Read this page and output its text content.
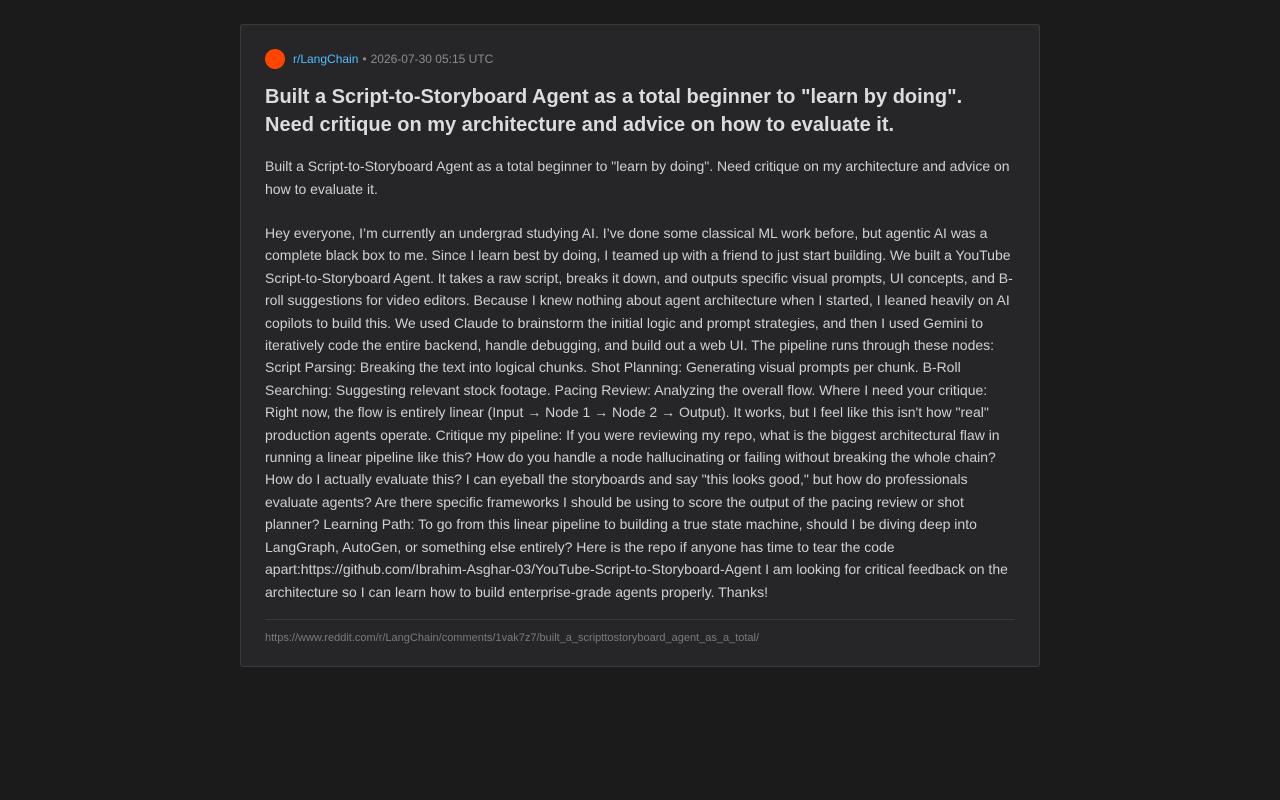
r/LangChain • 2026-07-30 05:15 UTC
Built a Script-to-Storyboard Agent as a total beginner to "learn by doing". Need critique on my architecture and advice on how to evaluate it.

Built a Script-to-Storyboard Agent as a total beginner to "learn by doing". Need critique on my architecture and advice on how to evaluate it.

Hey everyone, I’m currently an undergrad studying AI. I’ve done some classical ML work before, but agentic AI was a complete black box to me. Since I learn best by doing, I teamed up with a friend to just start building. We built a YouTube Script-to-Storyboard Agent. It takes a raw script, breaks it down, and outputs specific visual prompts, UI concepts, and B-roll suggestions for video editors. Because I knew nothing about agent architecture when I started, I leaned heavily on AI copilots to build this. We used Claude to brainstorm the initial logic and prompt strategies, and then I used Gemini to iteratively code the entire backend, handle debugging, and build out a web UI. The pipeline runs through these nodes: Script Parsing: Breaking the text into logical chunks. Shot Planning: Generating visual prompts per chunk. B-Roll Searching: Suggesting relevant stock footage. Pacing Review: Analyzing the overall flow. Where I need your critique: Right now, the flow is entirely linear (Input → Node 1 → Node 2 → Output). It works, but I feel like this isn't how "real" production agents operate. Critique my pipeline: If you were reviewing my repo, what is the biggest architectural flaw in running a linear pipeline like this? How do you handle a node hallucinating or failing without breaking the whole chain? How do I actually evaluate this? I can eyeball the storyboards and say "this looks good," but how do professionals evaluate agents? Are there specific frameworks I should be using to score the output of the pacing review or shot planner? Learning Path: To go from this linear pipeline to building a true state machine, should I be diving deep into LangGraph, AutoGen, or something else entirely? Here is the repo if anyone has time to tear the code apart:https://github.com/Ibrahim-Asghar-03/YouTube-Script-to-Storyboard-Agent I am looking for critical feedback on the architecture so I can learn how to build enterprise-grade agents properly. Thanks!

https://www.reddit.com/r/LangChain/comments/1vak7z7/built_a_scripttostoryboard_agent_as_a_total/
